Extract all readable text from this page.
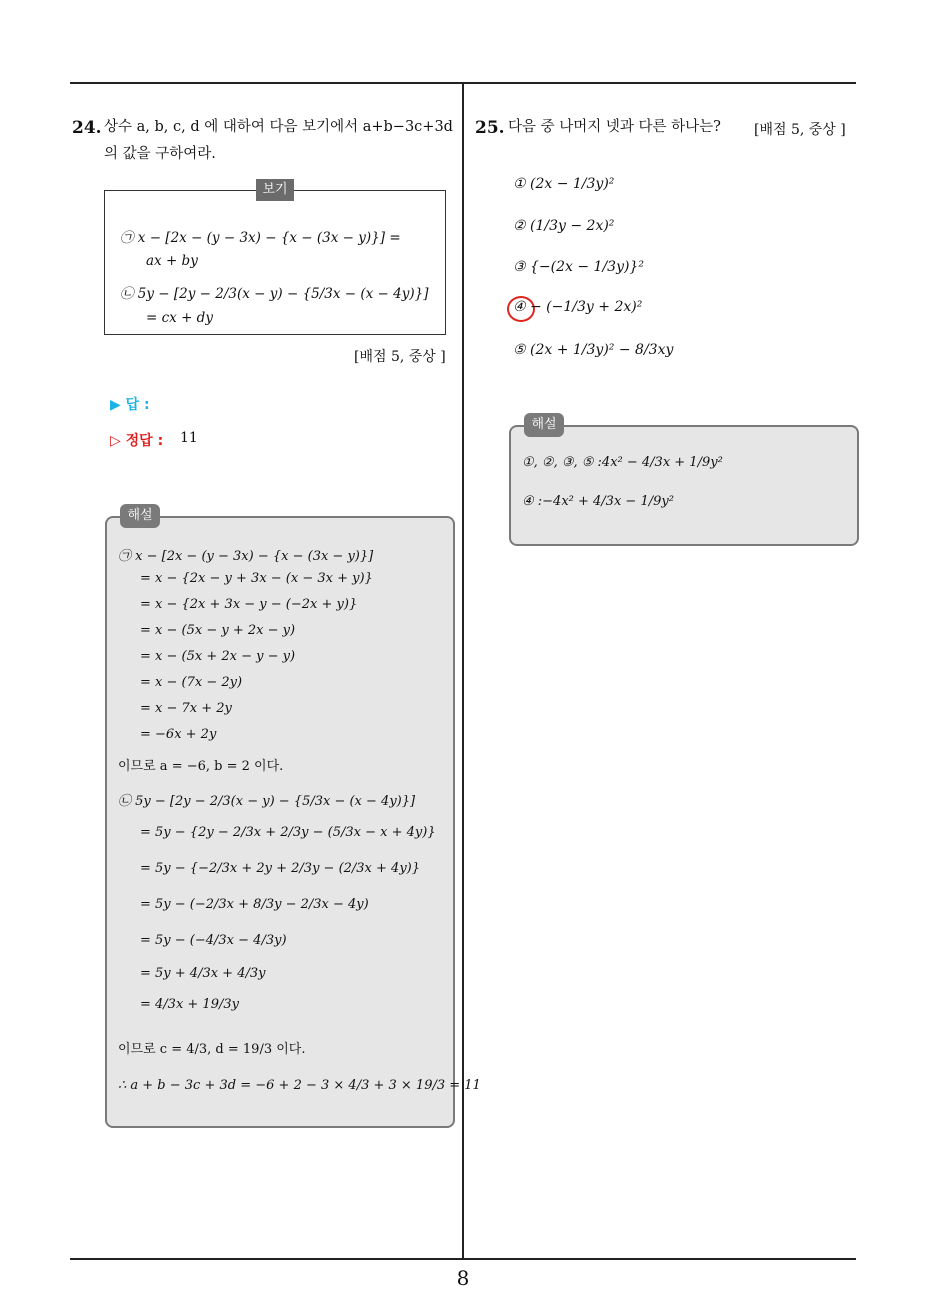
24. 상수 a, b, c, d 에 대하여 다음 보기에서 a+b−3c+3d
의 값을 구하여라.
보기
㉠ x − [2x − (y − 3x) − {x − (3x − y)}] =
ax + by
㉡ 5y − [2y − 2/3(x − y) − {5/3x − (x − 4y)}]
= cx + dy
[배점 5, 중상 ]
▶ 답 :
▷ 정답 : 11
해설
㉠ x − [2x − (y − 3x) − {x − (3x − y)}]
= x − {2x − y + 3x − (x − 3x + y)}
= x − {2x + 3x − y − (−2x + y)}
= x − (5x − y + 2x − y)
= x − (5x + 2x − y − y)
= x − (7x − 2y)
= x − 7x + 2y
= −6x + 2y
이므로 a = −6, b = 2 이다.
㉡ 5y − [2y − 2/3(x − y) − {5/3x − (x − 4y)}]
= 5y − {2y − 2/3x + 2/3y − (5/3x − x + 4y)}
= 5y − {−2/3x + 2y + 2/3y − (2/3x + 4y)}
= 5y − (−2/3x + 8/3y − 2/3x − 4y)
= 5y − (−4/3x − 4/3y)
= 5y + 4/3x + 4/3y
= 4/3x + 19/3y
이므로 c = 4/3, d = 19/3 이다.
∴ a + b − 3c + 3d = −6 + 2 − 3 × 4/3 + 3 × 19/3 = 11
25. 다음 중 나머지 넷과 다른 하나는? [배점 5, 중상 ]
① (2x − 1/3y)²
② (1/3y − 2x)²
③ {−(2x − 1/3y)}²
④ − (−1/3y + 2x)²
⑤ (2x + 1/3y)² − 8/3xy
해설
①, ②, ③, ⑤ :4x² − 4/3x + 1/9y²
④ :−4x² + 4/3x − 1/9y²
8
